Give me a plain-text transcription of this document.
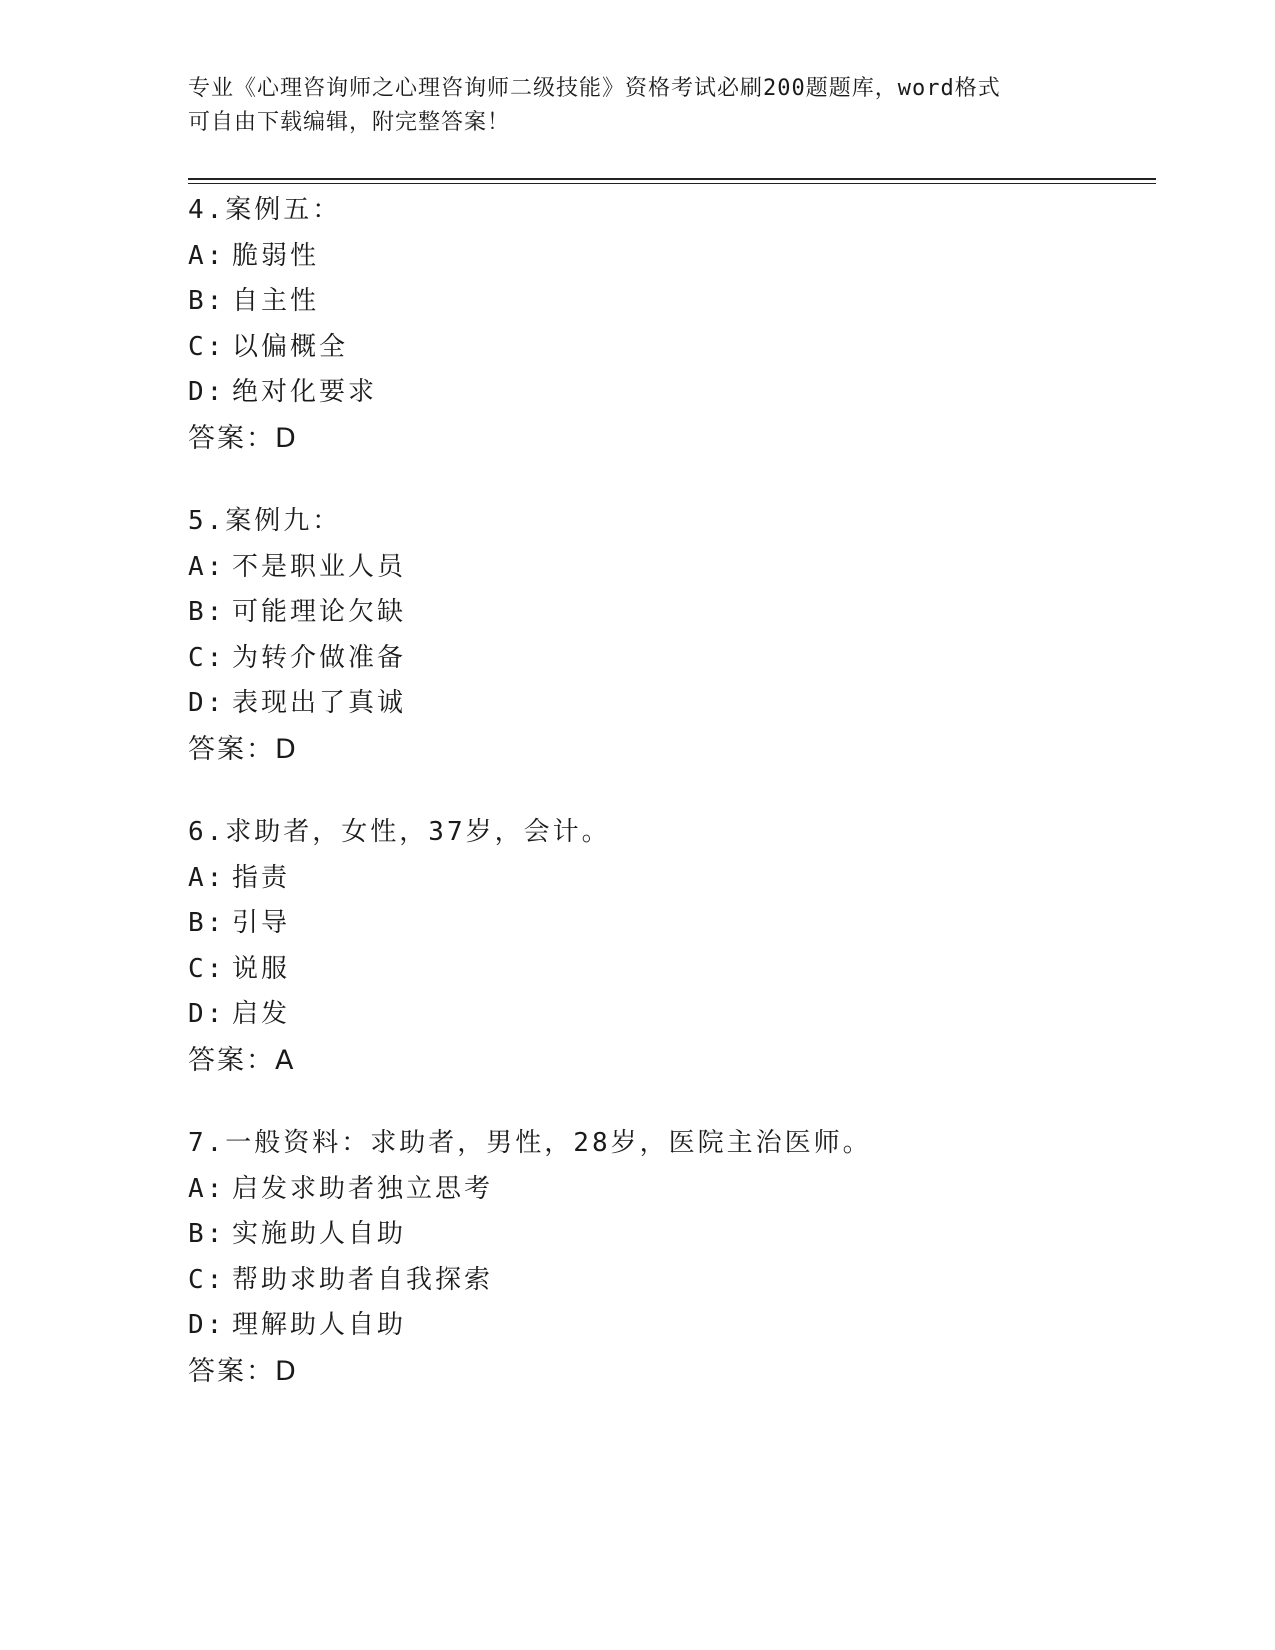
专业《心理咨询师之心理咨询师二级技能》资格考试必刷200题题库，word格式
可自由下载编辑，附完整答案！
4.案例五：
A: 脆弱性
B: 自主性
C: 以偏概全
D: 绝对化要求
答案：D
5.案例九：
A: 不是职业人员
B: 可能理论欠缺
C: 为转介做准备
D: 表现出了真诚
答案：D
6.求助者，女性，37岁，会计。
A: 指责
B: 引导
C: 说服
D: 启发
答案：A
7.一般资料：求助者，男性，28岁，医院主治医师。
A: 启发求助者独立思考
B: 实施助人自助
C: 帮助求助者自我探索
D: 理解助人自助
答案：D
